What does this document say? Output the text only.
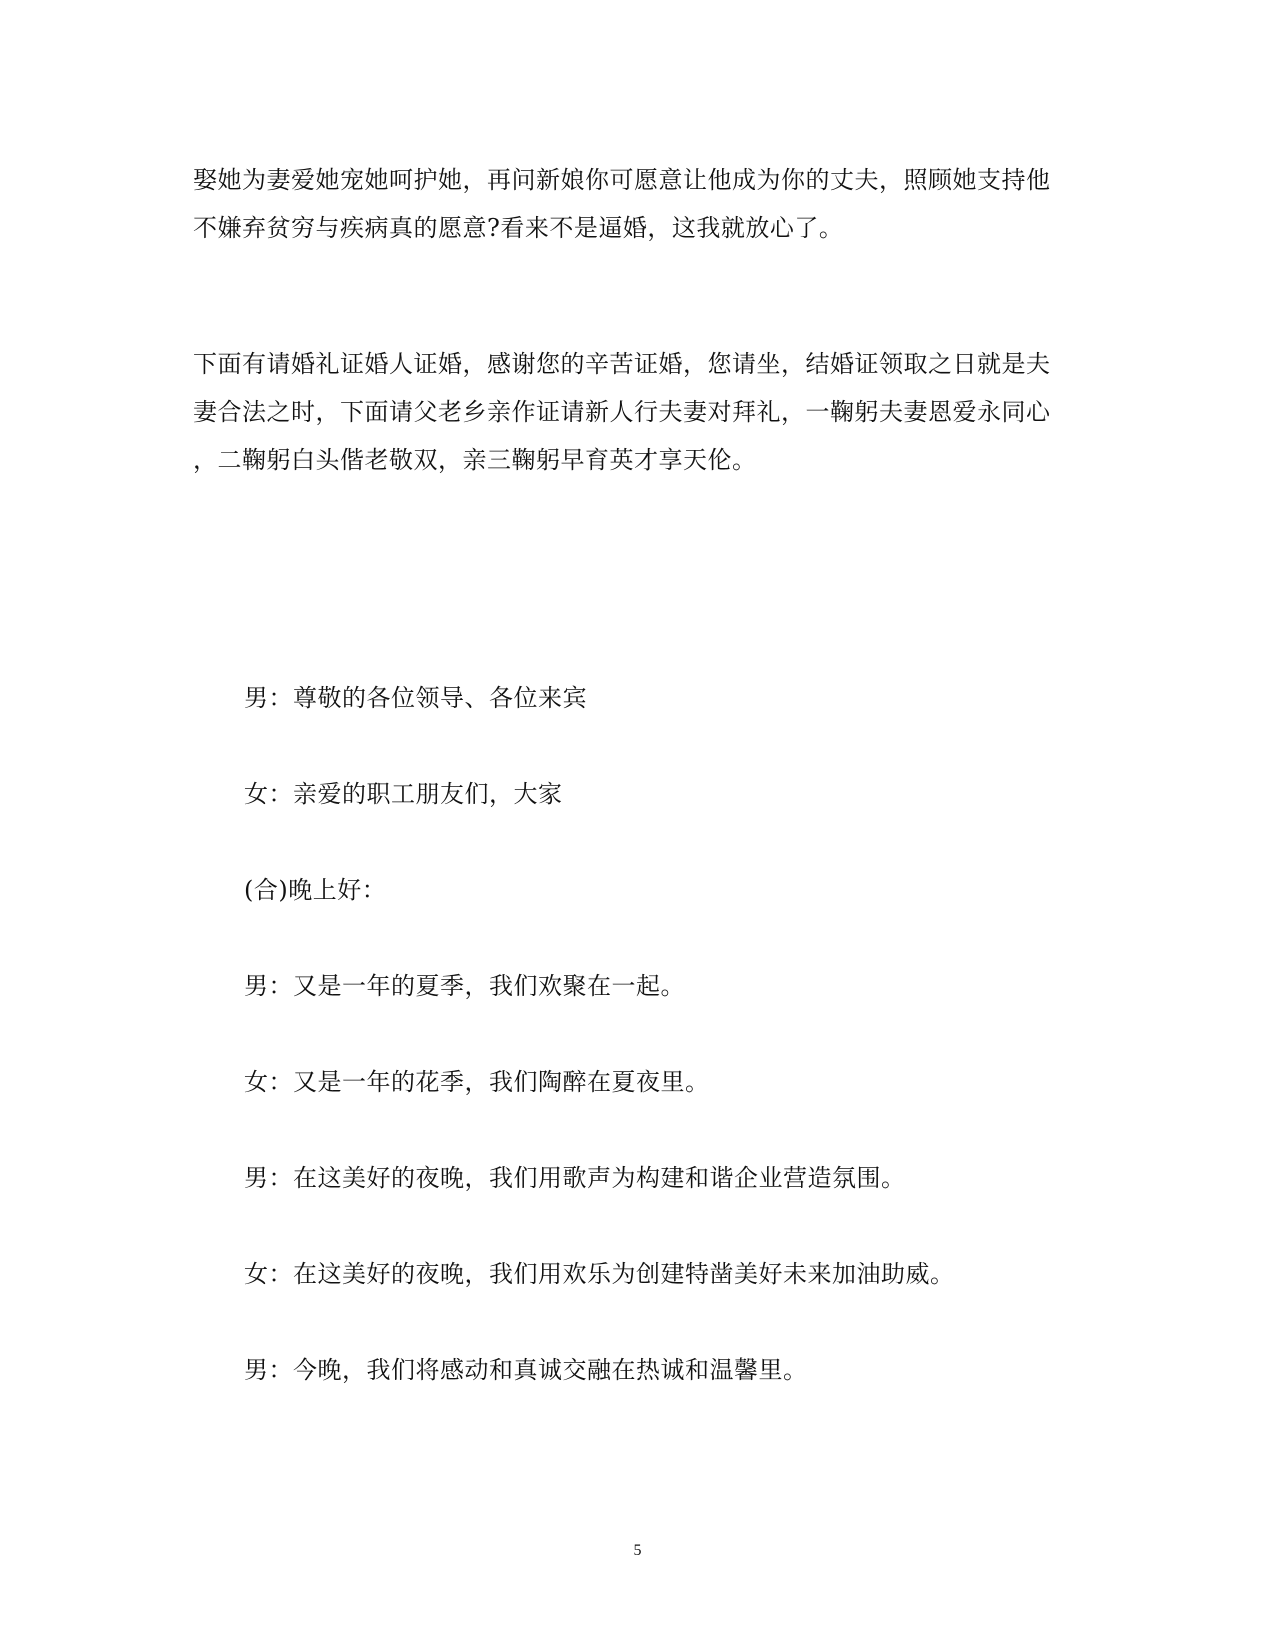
娶她为妻爱她宠她呵护她，再问新娘你可愿意让他成为你的丈夫，照顾她支持他
不嫌弃贫穷与疾病真的愿意?看来不是逼婚，这我就放心了。
下面有请婚礼证婚人证婚，感谢您的辛苦证婚，您请坐，结婚证领取之日就是夫
妻合法之时，下面请父老乡亲作证请新人行夫妻对拜礼，一鞠躬夫妻恩爱永同心
，二鞠躬白头偕老敬双，亲三鞠躬早育英才享天伦。
男：尊敬的各位领导、各位来宾
女：亲爱的职工朋友们，大家
(合)晚上好：
男：又是一年的夏季，我们欢聚在一起。
女：又是一年的花季，我们陶醉在夏夜里。
男：在这美好的夜晚，我们用歌声为构建和谐企业营造氛围。
女：在这美好的夜晚，我们用欢乐为创建特凿美好未来加油助威。
男：今晚，我们将感动和真诚交融在热诚和温馨里。
5
